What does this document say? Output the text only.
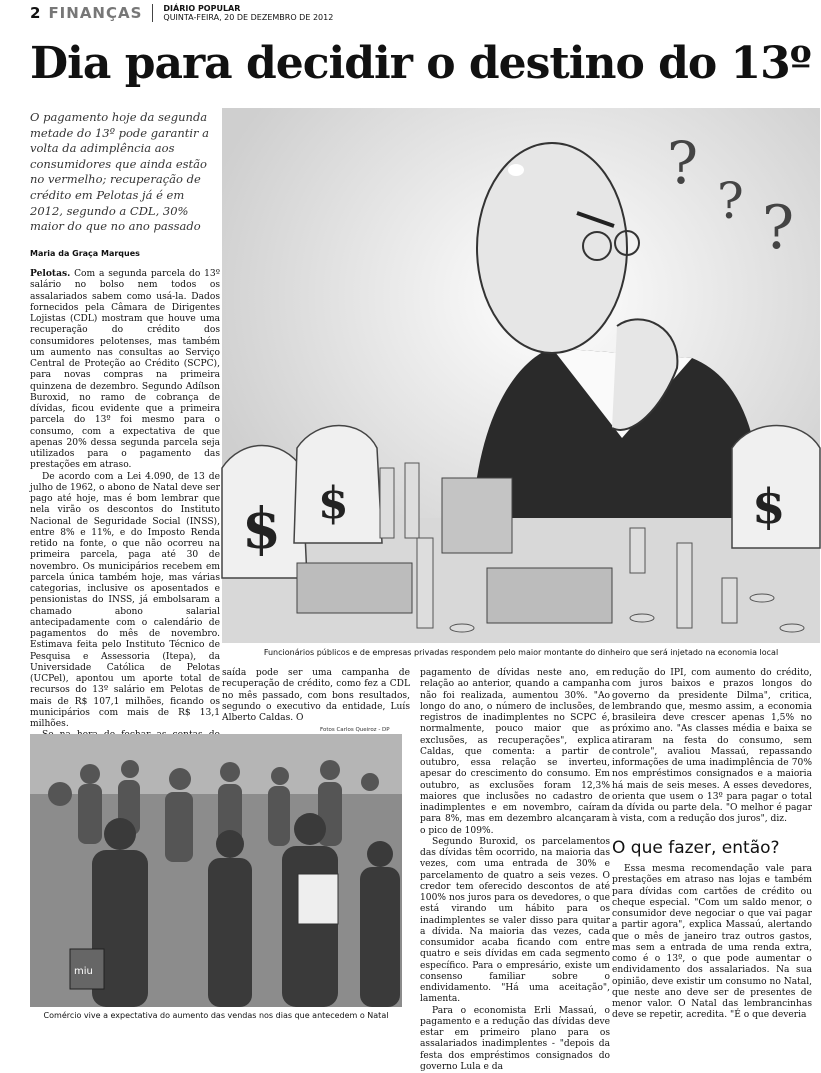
2 FINANÇAS	DIÁRIO POPULAR
QUINTA-FEIRA, 20 DE DEZEMBRO DE 2012
Dia para decidir o destino do 13º
O pagamento hoje da segunda metade do 13º pode garantir a volta da adimplência aos consumidores que ainda estão no vermelho; recuperação de crédito em Pelotas já é em 2012, segundo a CDL, 30% maior do que no ano passado
Maria da Graça Marques

Pelotas. Com a segunda parcela do 13º salário no bolso nem todos os assalariados sabem como usá-la. Dados fornecidos pela Câmara de Dirigentes Lojistas (CDL) mostram que houve uma recuperação do crédito dos consumidores pelotenses, mas também um aumento nas consultas ao Serviço Central de Proteção ao Crédito (SCPC), para novas compras na primeira quinzena de dezembro. Segundo Adílson Buroxid, no ramo de cobrança de dívidas, ficou evidente que a primeira parcela do 13º foi mesmo para o consumo, com a expectativa de que apenas 20% dessa segunda parcela seja utilizados para o pagamento das prestações em atraso.

De acordo com a Lei 4.090, de 13 de julho de 1962, o abono de Natal deve ser pago até hoje, mas é bom lembrar que nela virão os descontos do Instituto Nacional de Seguridade Social (INSS), entre 8% e 11%, e do Imposto Renda retido na fonte, o que não ocorreu na primeira parcela, paga até 30 de novembro. Os municipários recebem em parcela única também hoje, mas várias categorias, inclusive os aposentados e pensionistas do INSS, já embolsaram a chamado abono salarial antecipadamente com o calendário de pagamentos do mês de novembro. Estimava feita pelo Instituto Técnico de Pesquisa e Assessoria (Itepa), da Universidade Católica de Pelotas (UCPel), apontou um aporte total de recursos do 13º salário em Pelotas de mais de R$ 107,1 milhões, ficando os municipários com mais de R$ 13,1 milhões.

?
? ?
$ $	$
Funcionários públicos e de empresas privadas respondem pelo maior montante do dinheiro que será injetado na economia local
Fotos Carlos Queiroz - DP
miu
Comércio vive a expectativa do aumento das vendas nos dias que antecedem o Natal

saída pode ser uma campanha de recuperação de crédito, como fez a CDL no mês passado, com bons resultados, segundo o executivo da entidade, Luís Alberto Caldas. O

pagamento de dívidas neste ano, em relação ao anterior, quando a campanha não foi realizada, aumentou 30%. "Ao longo do ano, o número de inclusões, de registros de inadimplentes no SCPC é, normalmente, pouco maior que as exclusões, as recuperações", explica Caldas, que comenta: a partir de outubro, essa relação se inverteu, apesar do crescimento do consumo. Em outubro, as exclusões foram 12,3% maiores que inclusões no cadastro de inadimplentes e em novembro, caíram para 8%, mas em dezembro alcançaram o pico de 109%.

Segundo Buroxid, os parcelamentos das dívidas têm ocorrido, na maioria das vezes, com uma entrada de 30% e parcelamento de quatro a seis vezes. O credor tem oferecido descontos de até 100% nos juros para os devedores, o que está virando um hábito para os inadimplentes se valer disso para quitar a dívida. Na maioria das vezes, cada consumidor acaba ficando com entre quatro e seis dívidas em cada segmento específico. Para o empresário, existe um consenso familiar sobre o endividamento. "Há uma aceitação", lamenta.

Para o economista Erli Massaú, o pagamento e a redução das dívidas deve estar em primeiro plano para os assalariados inadimplentes - "depois da festa dos empréstimos consignados do governo Lula e da

redução do IPI, com aumento do crédito, com juros baixos e prazos longos do governo da presidente Dilma", critica, lembrando que, mesmo assim, a economia brasileira deve crescer apenas 1,5% no próximo ano. "As classes média e baixa se atiraram na festa do consumo, sem controle", avaliou Massaú, repassando informações de uma inadimplência de 70% nos empréstimos consignados e a maioria há mais de seis meses. A esses devedores, orienta que usem o 13º para pagar o total da dívida ou parte dela. "O melhor é pagar à vista, com a redução dos juros", diz.

O que fazer, então?

Essa mesma recomendação vale para prestações em atraso nas lojas e também para dívidas com cartões de crédito ou cheque especial. "Com um saldo menor, o consumidor deve negociar o que vai pagar a partir agora", explica Massaú, alertando que o mês de janeiro traz outros gastos, mas sem a entrada de uma renda extra, como é o 13º, o que pode aumentar o endividamento dos assalariados. Na sua opinião, deve existir um consumo no Natal, que neste ano deve ser de presentes de menor valor. O Natal das lembrancinhas deve se repetir, acredita. "É o que deveria
